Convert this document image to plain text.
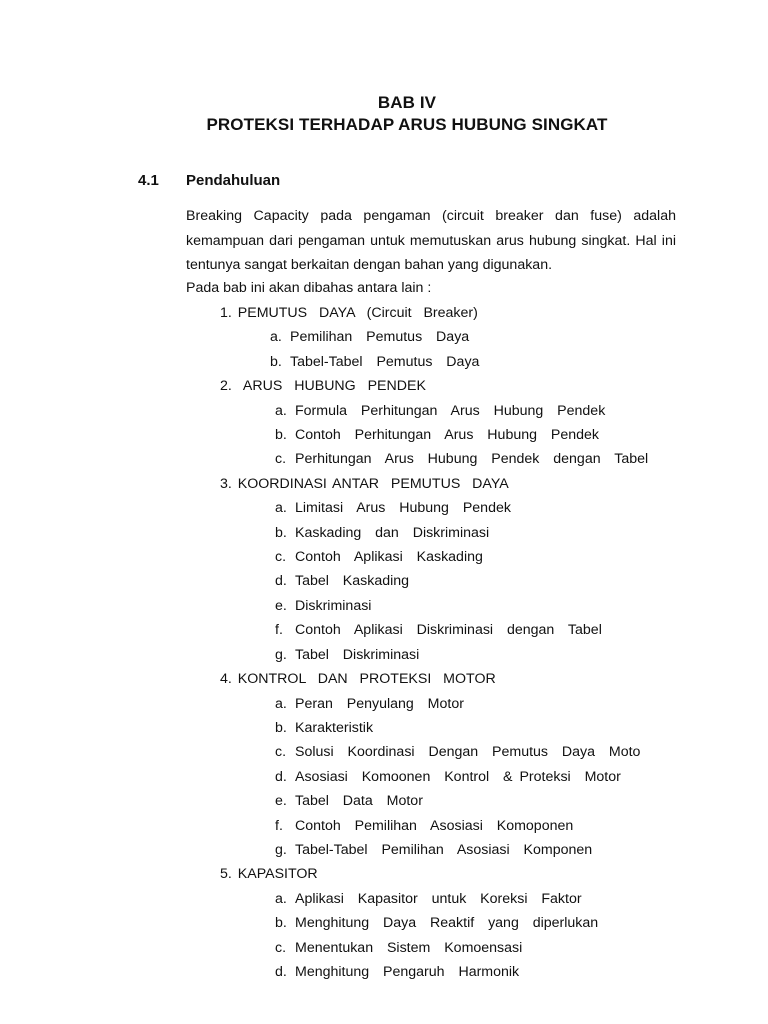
BAB IV
PROTEKSI TERHADAP ARUS HUBUNG SINGKAT
4.1 Pendahuluan
Breaking Capacity pada pengaman (circuit breaker dan fuse) adalah
kemampuan dari pengaman untuk memutuskan arus hubung singkat. Hal ini
tentunya sangat berkaitan dengan bahan yang digunakan.
Pada bab ini akan dibahas antara lain :
1. PEMUTUS  DAYA  (Circuit  Breaker)
a. Pemilihan  Pemutus  Daya
b. Tabel-Tabel  Pemutus  Daya
2.  ARUS  HUBUNG  PENDEK
a. Formula  Perhitungan  Arus  Hubung  Pendek
b. Contoh  Perhitungan  Arus  Hubung  Pendek
c. Perhitungan  Arus  Hubung  Pendek  dengan  Tabel
3. KOORDINASI ANTAR  PEMUTUS  DAYA
a. Limitasi  Arus  Hubung  Pendek
b. Kaskading  dan  Diskriminasi
c. Contoh  Aplikasi  Kaskading
d. Tabel  Kaskading
e. Diskriminasi
f. Contoh  Aplikasi  Diskriminasi  dengan  Tabel
g. Tabel  Diskriminasi
4. KONTROL  DAN  PROTEKSI  MOTOR
a. Peran  Penyulang  Motor
b. Karakteristik
c. Solusi  Koordinasi  Dengan  Pemutus  Daya  Moto
d. Asosiasi  Komoonen  Kontrol  & Proteksi  Motor
e. Tabel  Data  Motor
f. Contoh  Pemilihan  Asosiasi  Komoponen
g. Tabel-Tabel  Pemilihan  Asosiasi  Komponen
5. KAPASITOR
a. Aplikasi  Kapasitor  untuk  Koreksi  Faktor
b. Menghitung  Daya  Reaktif  yang  diperlukan
c. Menentukan  Sistem  Komoensasi
d. Menghitung  Pengaruh  Harmonik
